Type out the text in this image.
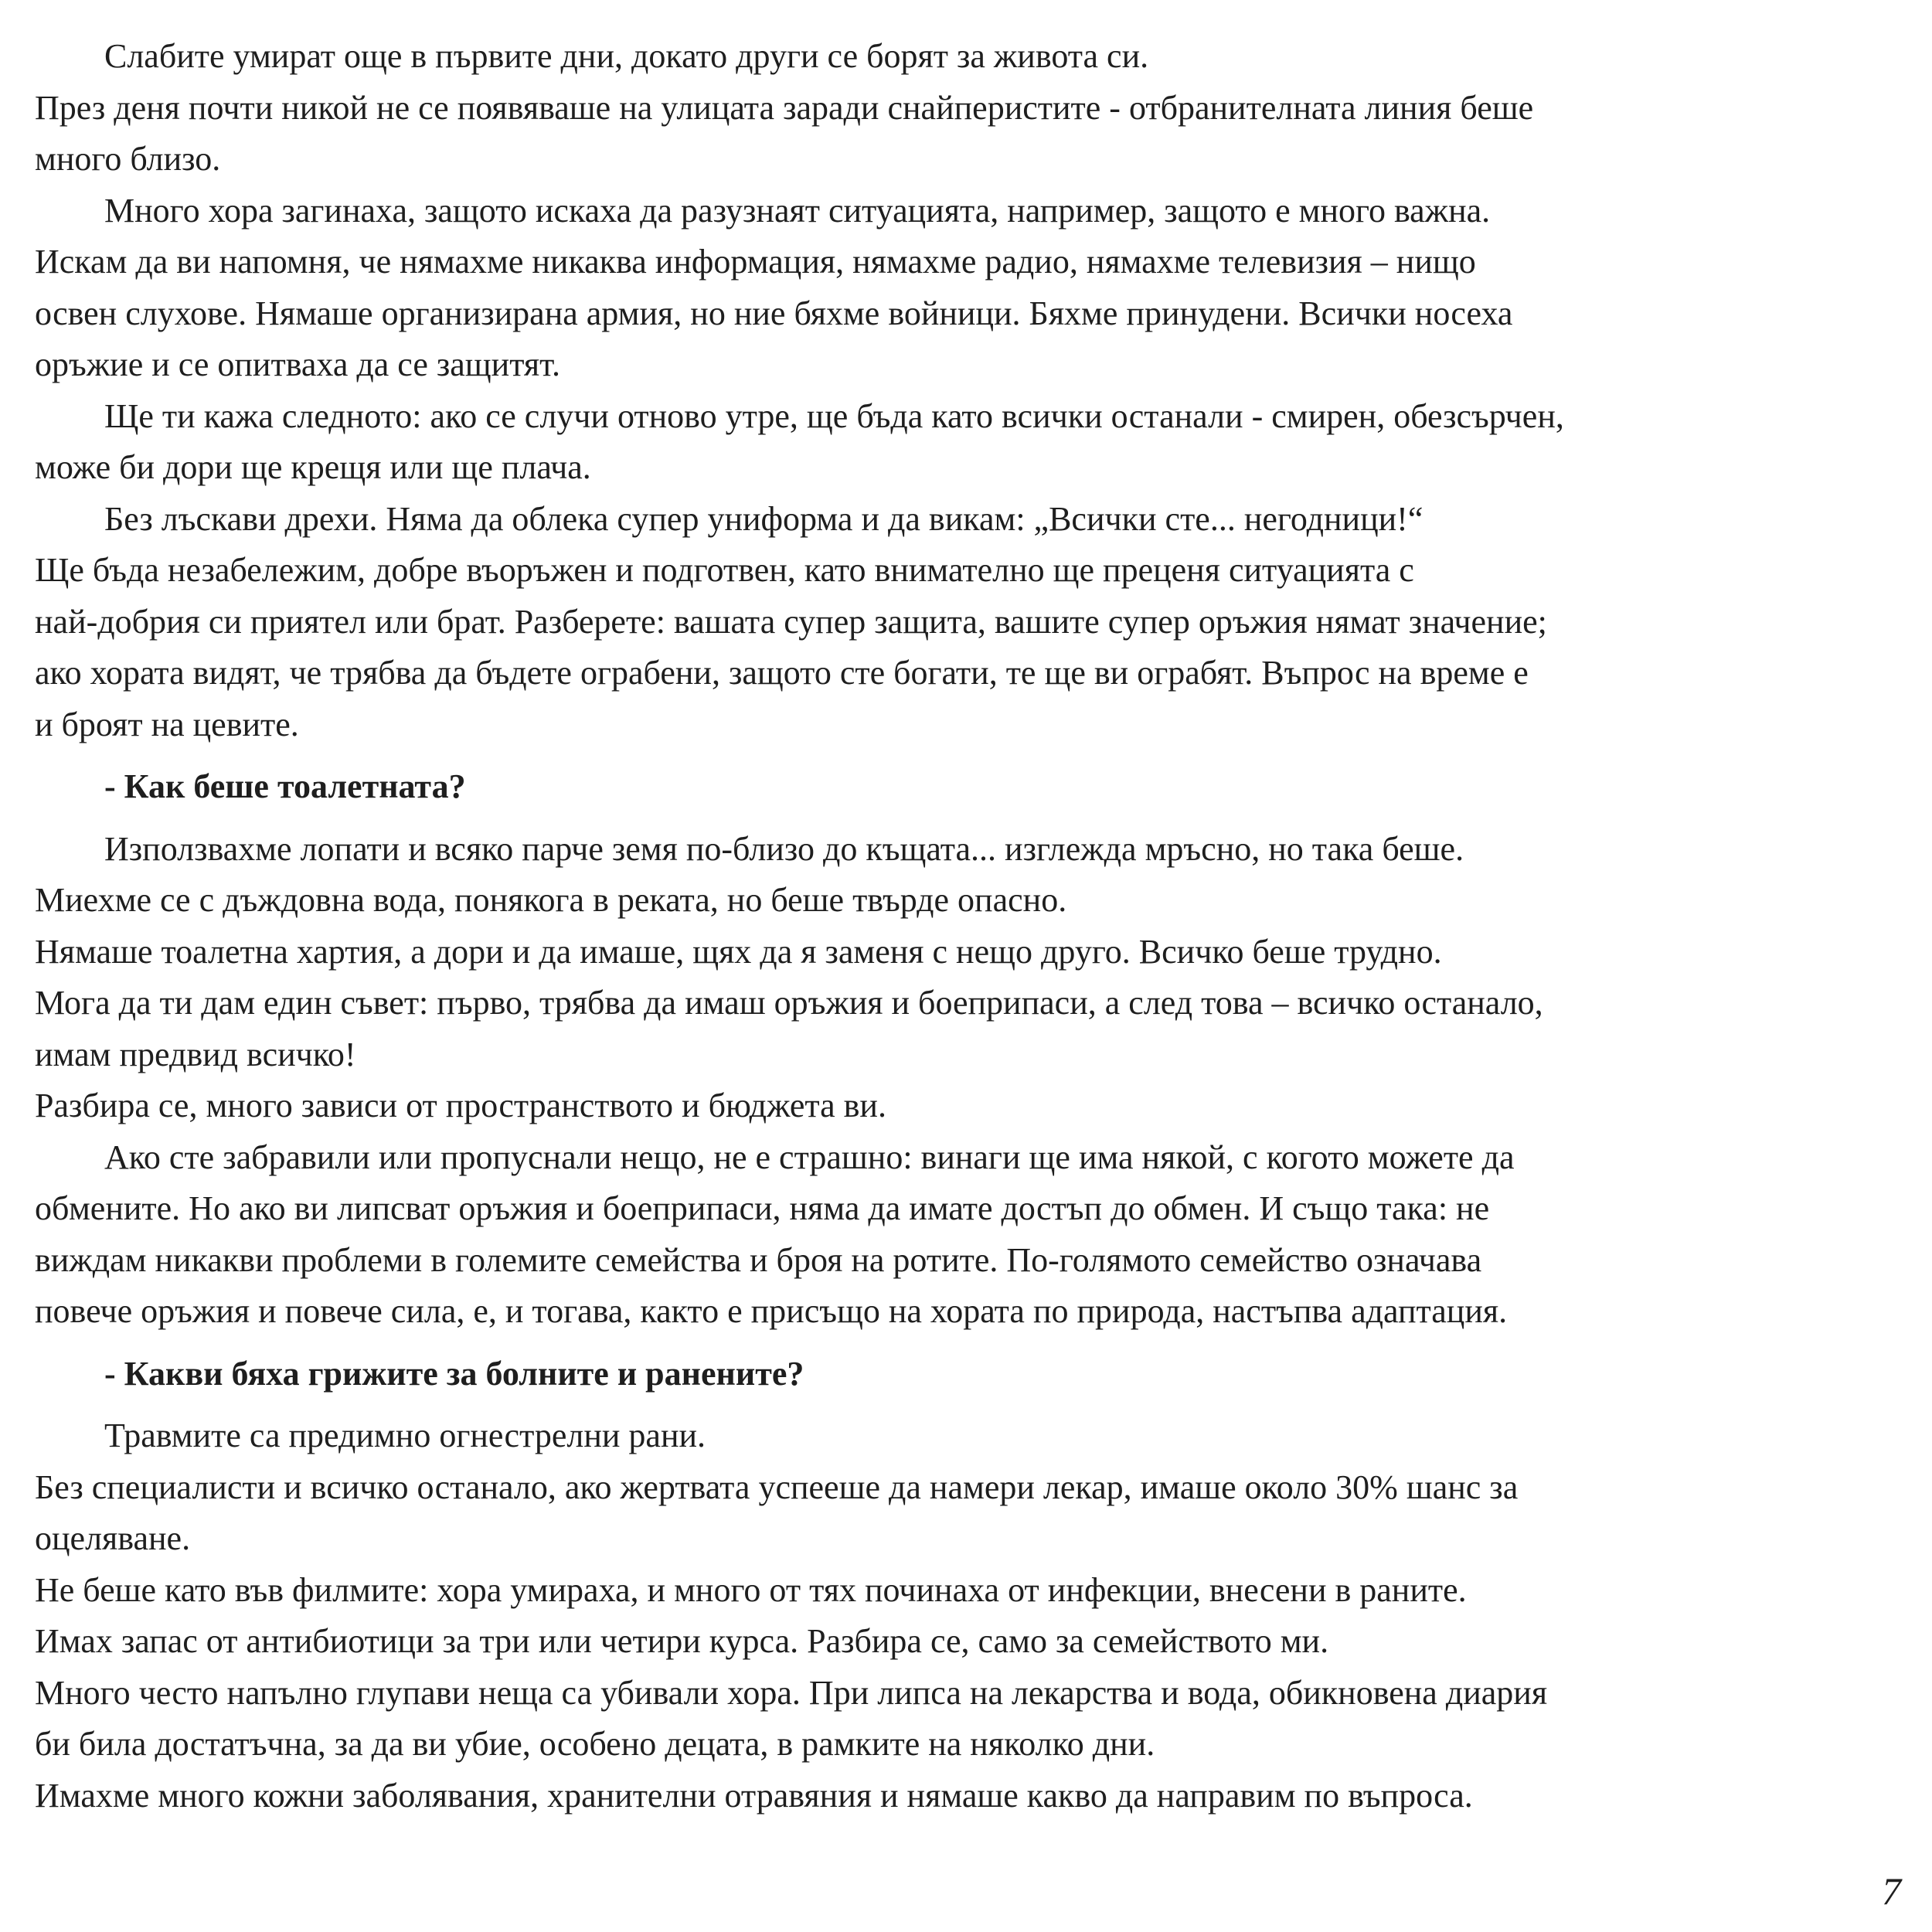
Слабите умират още в първите дни, докато други се борят за живота си.
През деня почти никой не се появяваше на улицата заради снайперистите - отбранителната линия беше
много близо.
Много хора загинаха, защото искаха да разузнаят ситуацията, например, защото е много важна.
Искам да ви напомня, че нямахме никаква информация, нямахме радио, нямахме телевизия – нищо
освен слухове. Нямаше организирана армия, но ние бяхме войници. Бяхме принудени. Всички носеха
оръжие и се опитваха да се защитят.
Ще ти кажа следното: ако се случи отново утре, ще бъда като всички останали - смирен, обезсърчен,
може би дори ще крещя или ще плача.
Без лъскави дрехи. Няма да облека супер униформа и да викам: „Всички сте... негодници!“
Ще бъда незабележим, добре въоръжен и подготвен, като внимателно ще преценя ситуацията с
най-добрия си приятел или брат. Разберете: вашата супер защита, вашите супер оръжия нямат значение;
ако хората видят, че трябва да бъдете ограбени, защото сте богати, те ще ви ограбят. Въпрос на време е
и броят на цевите.
- Как беше тоалетната?
Използвахме лопати и всяко парче земя по-близо до къщата... изглежда мръсно, но така беше.
Миехме се с дъждовна вода, понякога в реката, но беше твърде опасно.
Нямаше тоалетна хартия, а дори и да имаше, щях да я заменя с нещо друго. Всичко беше трудно.
Мога да ти дам един съвет: първо, трябва да имаш оръжия и боеприпаси, а след това – всичко останало,
имам предвид всичко!
Разбира се, много зависи от пространството и бюджета ви.
Ако сте забравили или пропуснали нещо, не е страшно: винаги ще има някой, с когото можете да
обмените. Но ако ви липсват оръжия и боеприпаси, няма да имате достъп до обмен. И също така: не
виждам никакви проблеми в големите семейства и броя на ротите. По-голямото семейство означава
повече оръжия и повече сила, е, и тогава, както е присъщо на хората по природа, настъпва адаптация.
- Какви бяха грижите за болните и ранените?
Травмите са предимно огнестрелни рани.
Без специалисти и всичко останало, ако жертвата успееше да намери лекар, имаше около 30% шанс за
оцеляване.
Не беше като във филмите: хора умираха, и много от тях починаха от инфекции, внесени в раните.
Имах запас от антибиотици за три или четири курса. Разбира се, само за семейството ми.
Много често напълно глупави неща са убивали хора. При липса на лекарства и вода, обикновена диария
би била достатъчна, за да ви убие, особено децата, в рамките на няколко дни.
Имахме много кожни заболявания, хранителни отравяния и нямаше какво да направим по въпроса.
7
